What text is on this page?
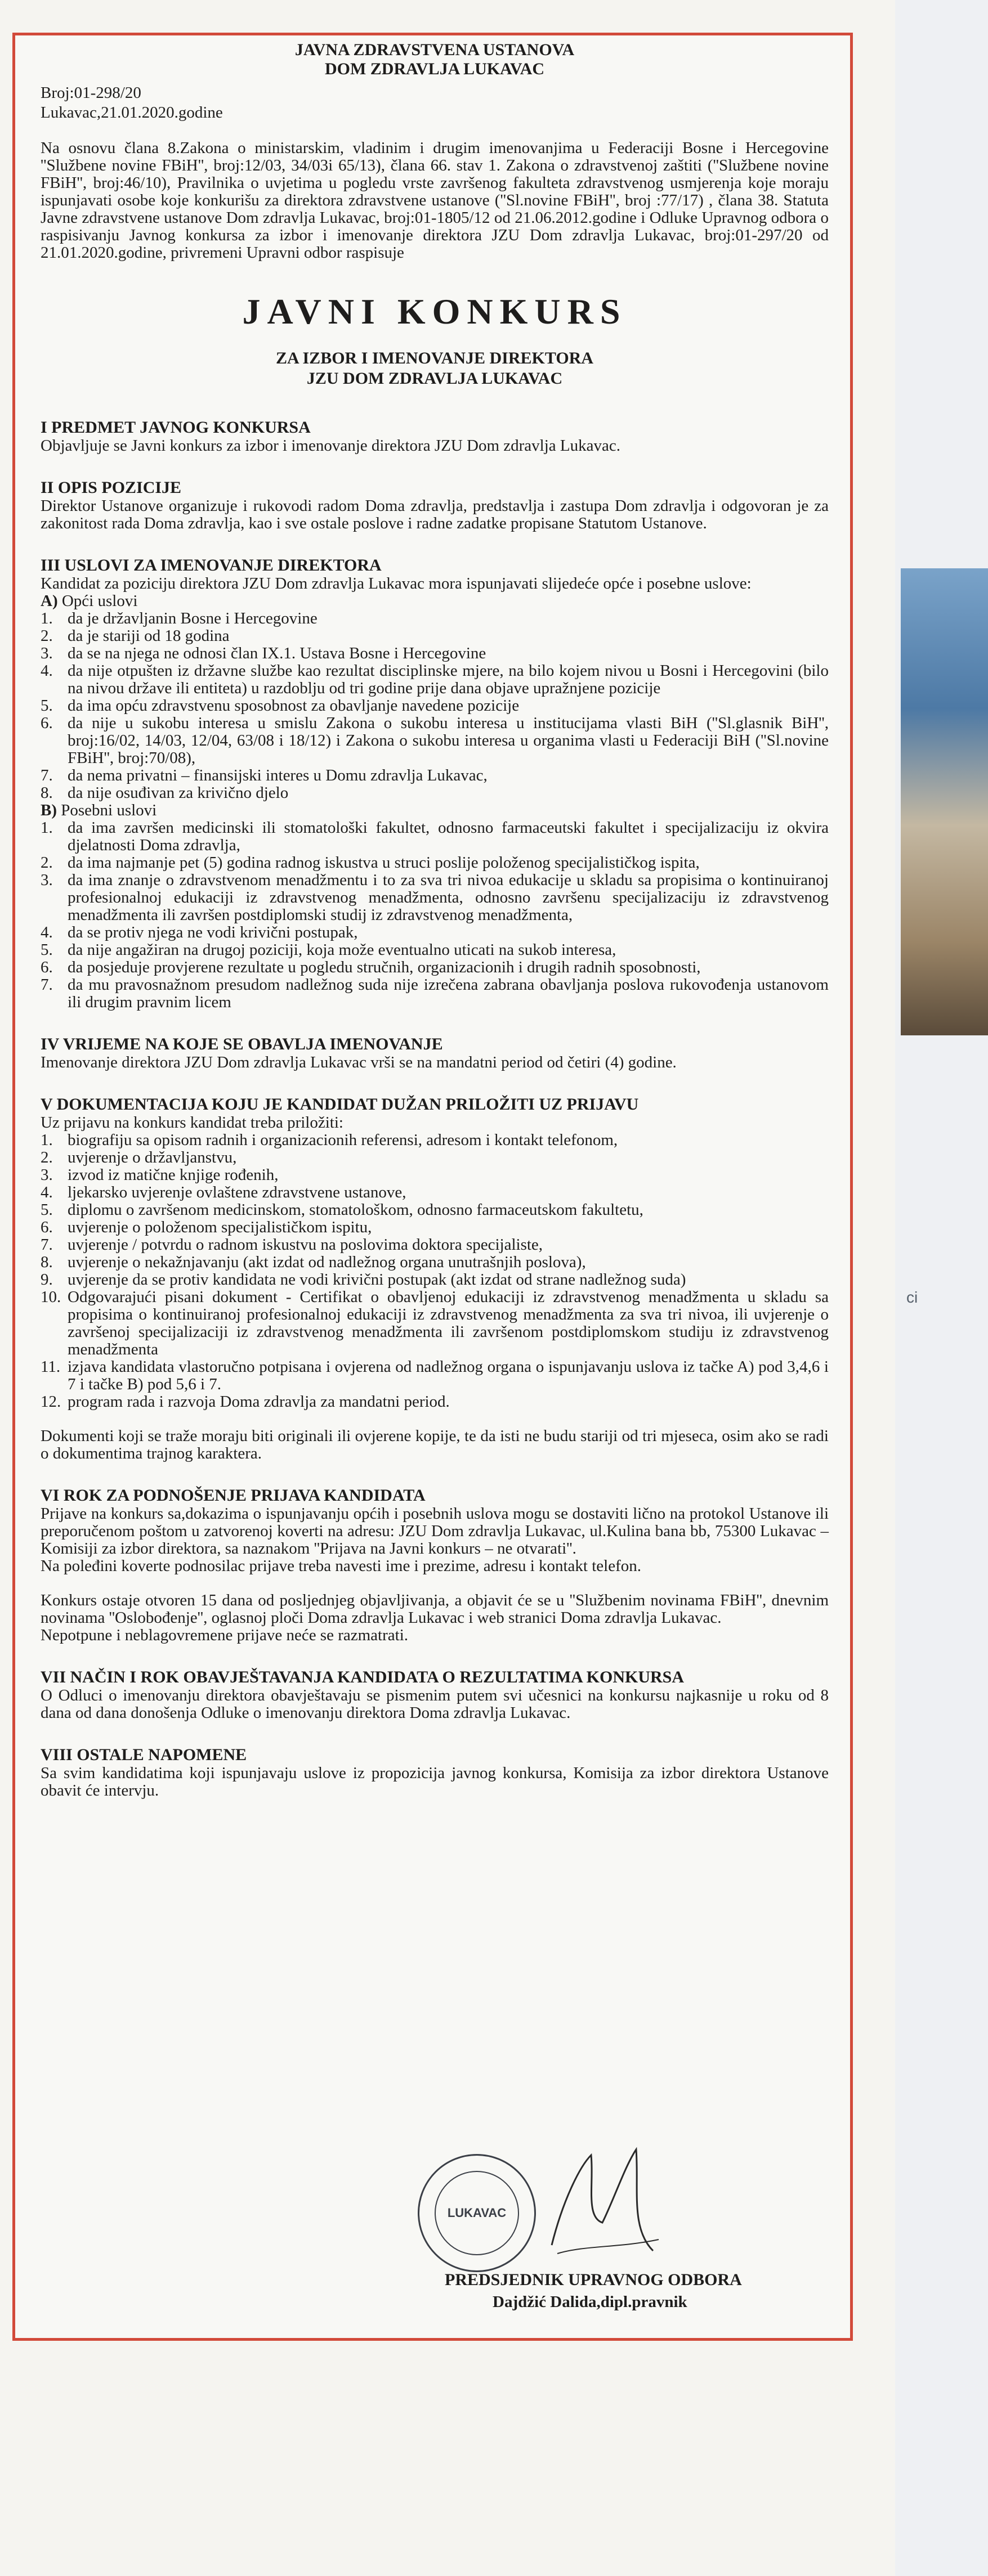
ci
JAVNA ZDRAVSTVENA USTANOVA
DOM ZDRAVLJA LUKAVAC
Broj:01-298/20
Lukavac,21.01.2020.godine

Na osnovu člana 8.Zakona o ministarskim, vladinim i drugim imenovanjima u Federaciji Bosne i Hercegovine ''Službene novine FBiH'', broj:12/03, 34/03i 65/13), člana 66. stav 1. Zakona o zdravstvenoj zaštiti (''Službene novine FBiH'', broj:46/10), Pravilnika o uvjetima u pogledu vrste završenog fakulteta zdravstvenog usmjerenja koje moraju ispunjavati osobe koje konkurišu za direktora zdravstvene ustanove (''Sl.novine FBiH'', broj :77/17) , člana 38. Statuta Javne zdravstvene ustanove Dom zdravlja Lukavac, broj:01-1805/12 od 21.06.2012.godine i Odluke Upravnog odbora o raspisivanju Javnog konkursa za izbor i imenovanje direktora JZU Dom zdravlja Lukavac, broj:01-297/20 od 21.01.2020.godine, privremeni Upravni odbor raspisuje

JAVNI KONKURS
ZA IZBOR I IMENOVANJE DIREKTORA
JZU DOM ZDRAVLJA LUKAVAC
I PREDMET JAVNOG KONKURSA

Objavljuje se Javni konkurs za izbor i imenovanje direktora JZU Dom zdravlja Lukavac.

II OPIS POZICIJE

Direktor Ustanove organizuje i rukovodi radom Doma zdravlja, predstavlja i zastupa Dom zdravlja i odgovoran je za zakonitost rada Doma zdravlja, kao i sve ostale poslove i radne zadatke propisane Statutom Ustanove.

III USLOVI ZA IMENOVANJE DIREKTORA

Kandidat za poziciju direktora JZU Dom zdravlja Lukavac mora ispunjavati slijedeće opće i posebne uslove:

A) Opći uslovi
1. da je državljanin Bosne i Hercegovine
2. da je stariji od 18 godina
3. da se na njega ne odnosi član IX.1. Ustava Bosne i Hercegovine
4. da nije otpušten iz državne službe kao rezultat disciplinske mjere, na bilo kojem nivou u Bosni i Hercegovini (bilo na nivou države ili entiteta) u razdoblju od tri godine prije dana objave upražnjene pozicije
5. da ima opću zdravstvenu sposobnost za obavljanje navedene pozicije
6. da nije u sukobu interesa u smislu Zakona o sukobu interesa u institucijama vlasti BiH (''Sl.glasnik BiH'', broj:16/02, 14/03, 12/04, 63/08 i 18/12) i Zakona o sukobu interesa u organima vlasti u Federaciji BiH (''Sl.novine FBiH'', broj:70/08),
7. da nema privatni – finansijski interes u Domu zdravlja Lukavac,
8. da nije osuđivan za krivično djelo
B) Posebni uslovi
1. da ima završen medicinski ili stomatološki fakultet, odnosno farmaceutski fakultet i specijalizaciju iz okvira djelatnosti Doma zdravlja,
2. da ima najmanje pet (5) godina radnog iskustva u struci poslije položenog specijalističkog ispita,
3. da ima znanje o zdravstvenom menadžmentu i to za sva tri nivoa edukacije u skladu sa propisima o kontinuiranoj profesionalnoj edukaciji iz zdravstvenog menadžmenta, odnosno završenu specijalizaciju iz zdravstvenog menadžmenta ili završen postdiplomski studij iz zdravstvenog menadžmenta,
4. da se protiv njega ne vodi krivični postupak,
5. da nije angažiran na drugoj poziciji, koja može eventualno uticati na sukob interesa,
6. da posjeduje provjerene rezultate u pogledu stručnih, organizacionih i drugih radnih sposobnosti,
7. da mu pravosnažnom presudom nadležnog suda nije izrečena zabrana obavljanja poslova rukovođenja ustanovom ili drugim pravnim licem
IV VRIJEME NA KOJE SE OBAVLJA IMENOVANJE

Imenovanje direktora JZU Dom zdravlja Lukavac vrši se na mandatni period od četiri (4) godine.

V DOKUMENTACIJA KOJU JE KANDIDAT DUŽAN PRILOŽITI UZ PRIJAVU

Uz prijavu na konkurs kandidat treba priložiti:

1. biografiju sa opisom radnih i organizacionih referensi, adresom i kontakt telefonom,
2. uvjerenje o državljanstvu,
3. izvod iz matične knjige rođenih,
4. ljekarsko uvjerenje ovlaštene zdravstvene ustanove,
5. diplomu o završenom medicinskom, stomatološkom, odnosno farmaceutskom fakultetu,
6. uvjerenje o položenom specijalističkom ispitu,
7. uvjerenje / potvrdu o radnom iskustvu na poslovima doktora specijaliste,
8. uvjerenje o nekažnjavanju (akt izdat od nadležnog organa unutrašnjih poslova),
9. uvjerenje da se protiv kandidata ne vodi krivični postupak (akt izdat od strane nadležnog suda)
10. Odgovarajući pisani dokument - Certifikat o obavljenoj edukaciji iz zdravstvenog menadžmenta u skladu sa propisima o kontinuiranoj profesionalnoj edukaciji iz zdravstvenog menadžmenta za sva tri nivoa, ili uvjerenje o završenoj specijalizaciji iz zdravstvenog menadžmenta ili završenom postdiplomskom studiju iz zdravstvenog menadžmenta
11. izjava kandidata vlastoručno potpisana i ovjerena od nadležnog organa o ispunjavanju uslova iz tačke A) pod 3,4,6 i 7 i tačke B) pod 5,6 i 7.
12. program rada i razvoja Doma zdravlja za mandatni period.

Dokumenti koji se traže moraju biti originali ili ovjerene kopije, te da isti ne budu stariji od tri mjeseca, osim ako se radi o dokumentima trajnog karaktera.

VI ROK ZA PODNOŠENJE PRIJAVA KANDIDATA

Prijave na konkurs sa,dokazima o ispunjavanju općih i posebnih uslova mogu se dostaviti lično na protokol Ustanove ili preporučenom poštom u zatvorenoj koverti na adresu: JZU Dom zdravlja Lukavac, ul.Kulina bana bb, 75300 Lukavac – Komisiji za izbor direktora, sa naznakom ''Prijava na Javni konkurs – ne otvarati''.

Na poleđini koverte podnosilac prijave treba navesti ime i prezime, adresu i kontakt telefon.

Konkurs ostaje otvoren 15 dana od posljednjeg objavljivanja, a objavit će se u ''Službenim novinama FBiH'', dnevnim novinama ''Oslobođenje'', oglasnoj ploči Doma zdravlja Lukavac i web stranici Doma zdravlja Lukavac.

Nepotpune i neblagovremene prijave neće se razmatrati.

VII NAČIN I ROK OBAVJEŠTAVANJA KANDIDATA O REZULTATIMA KONKURSA

O Odluci o imenovanju direktora obavještavaju se pismenim putem svi učesnici na konkursu najkasnije u roku od 8 dana od dana donošenja Odluke o imenovanju direktora Doma zdravlja Lukavac.

VIII OSTALE NAPOMENE

Sa svim kandidatima koji ispunjavaju uslove iz propozicija javnog konkursa, Komisija za izbor direktora Ustanove obavit će intervju.

LUKAVAC
PREDSJEDNIK UPRAVNOG ODBORA
Dajdžić Dalida,dipl.pravnik
